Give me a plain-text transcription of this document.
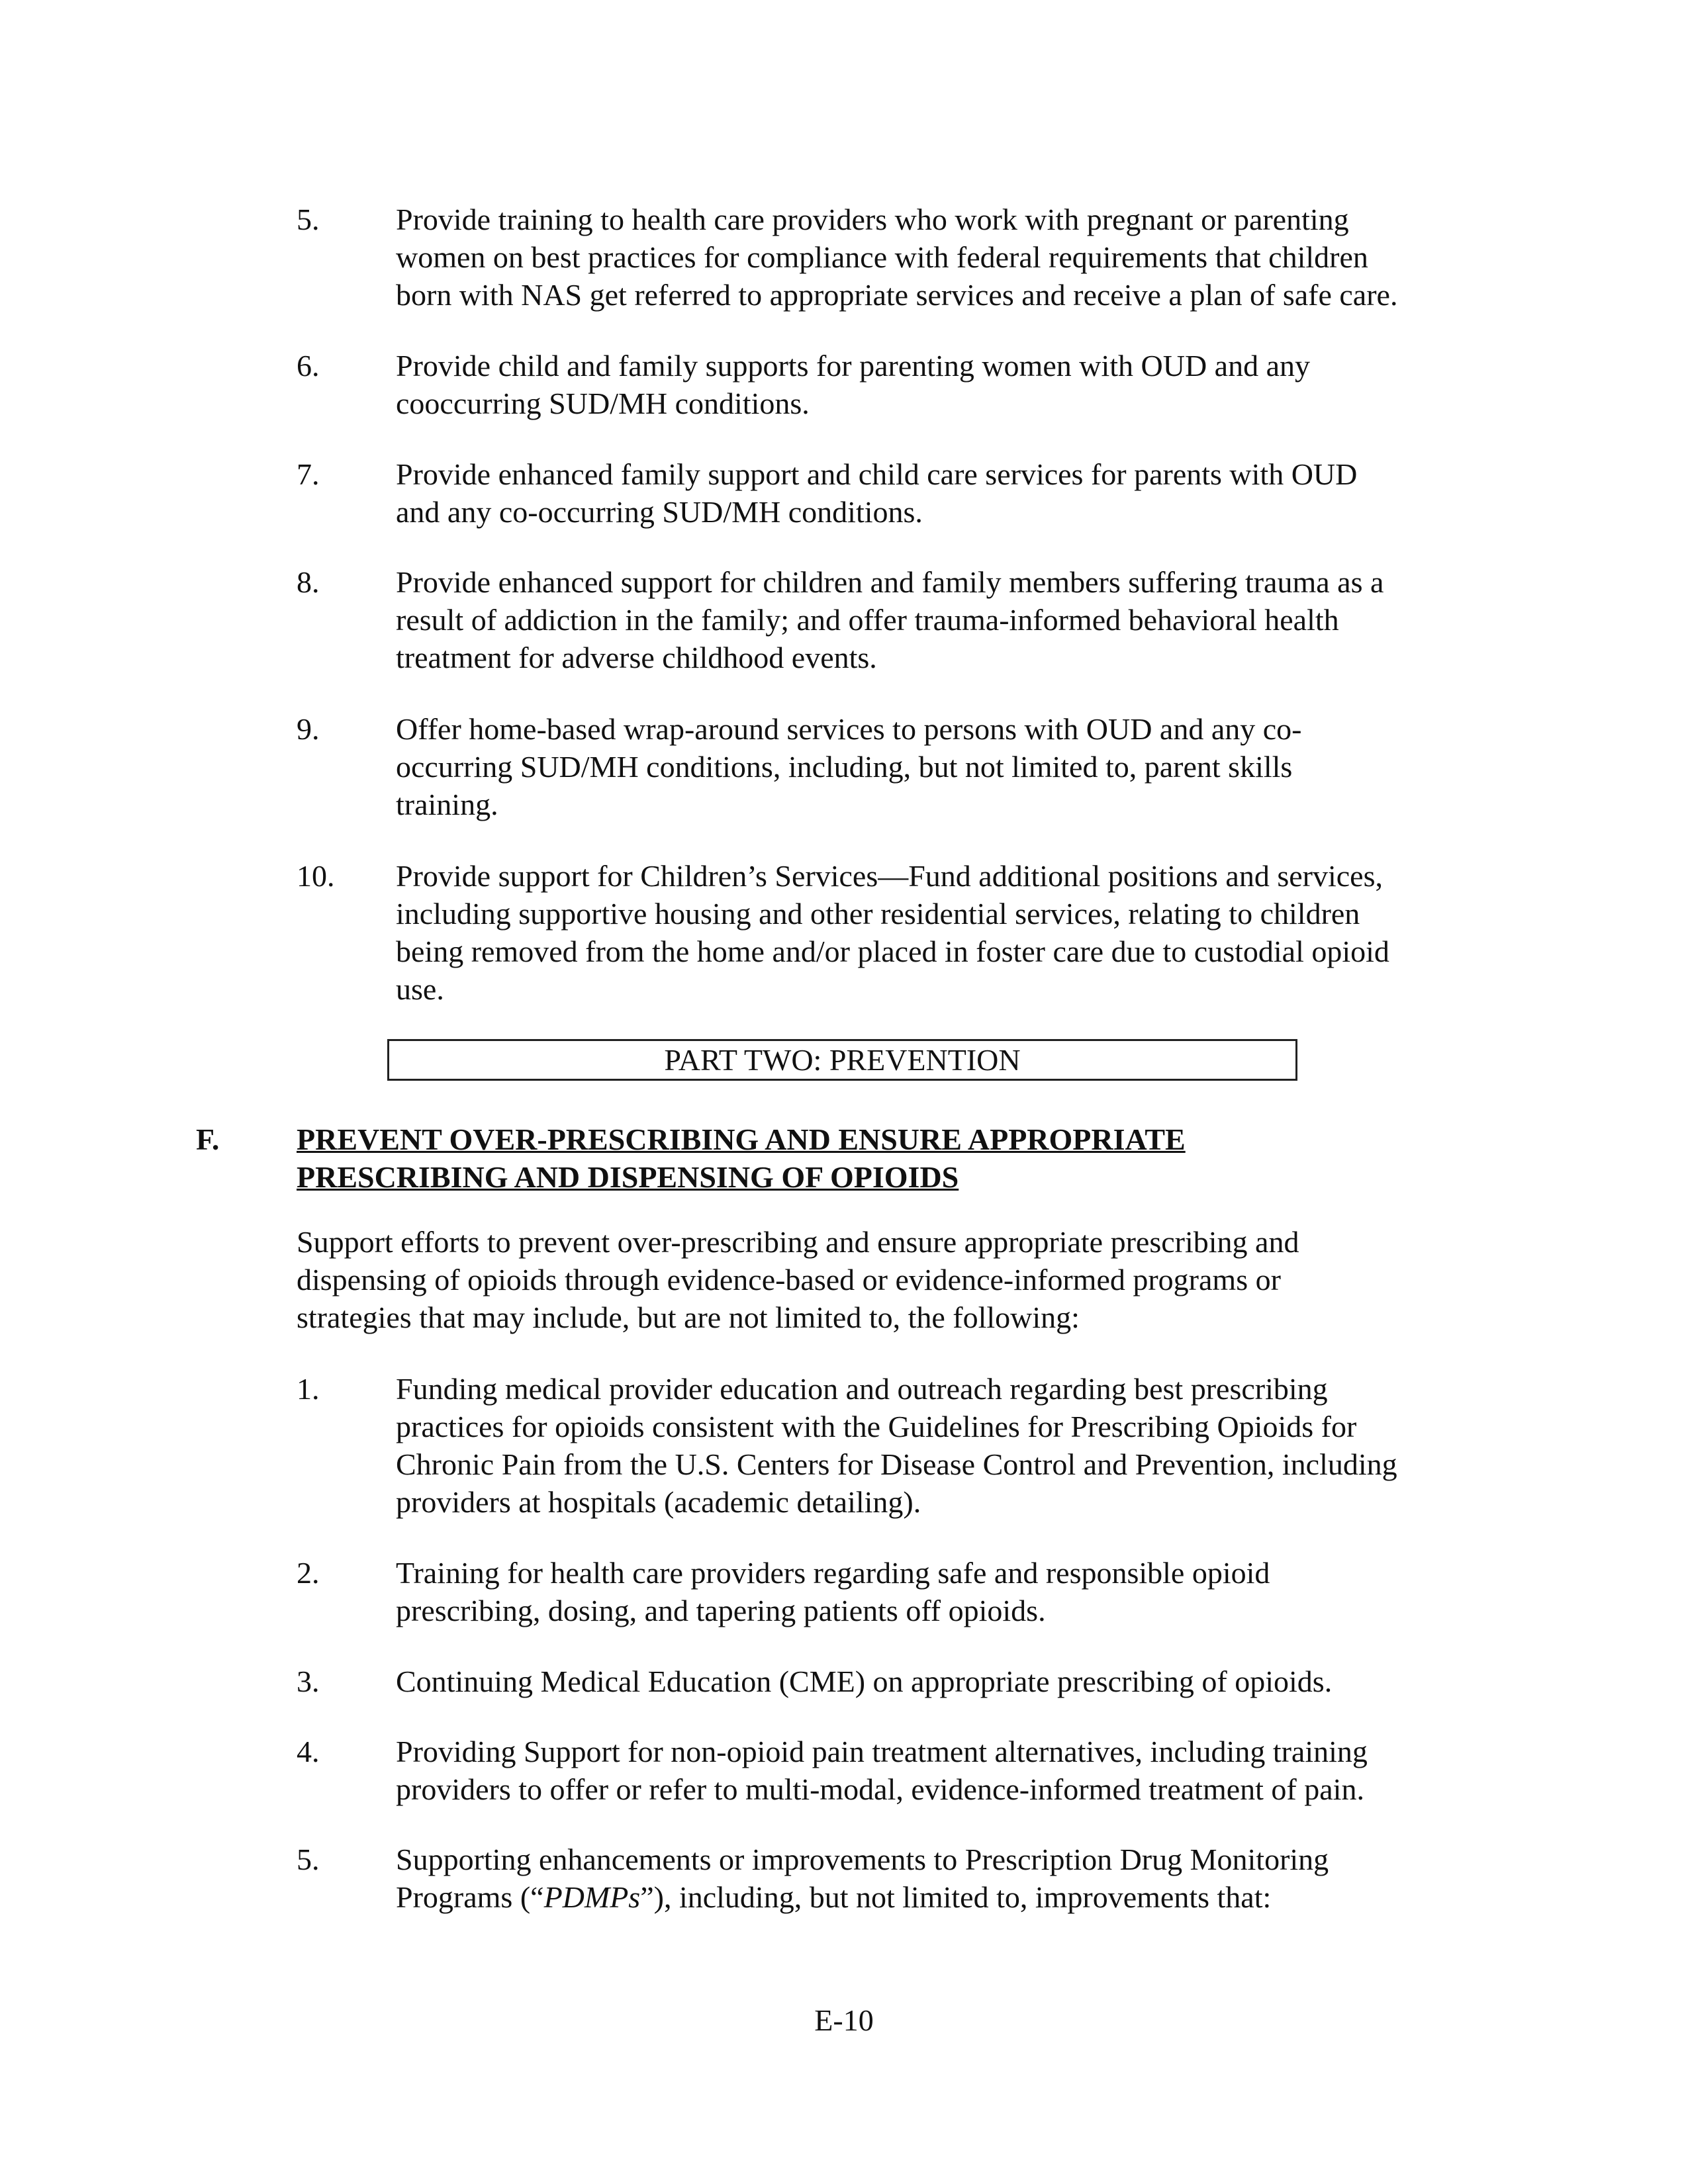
5.	Provide training to health care providers who work with pregnant or parenting
women on best practices for compliance with federal requirements that children
born with NAS get referred to appropriate services and receive a plan of safe care.
6.	Provide child and family supports for parenting women with OUD and any
cooccurring SUD/MH conditions.
7.	Provide enhanced family support and child care services for parents with OUD
and any co-occurring SUD/MH conditions.
8.	Provide enhanced support for children and family members suffering trauma as a
result of addiction in the family; and offer trauma-informed behavioral health
treatment for adverse childhood events.
9.	Offer home-based wrap-around services to persons with OUD and any co-
occurring SUD/MH conditions, including, but not limited to, parent skills
training.
10. Provide support for Children’s Services—Fund additional positions and services,
including supportive housing and other residential services, relating to children
being removed from the home and/or placed in foster care due to custodial opioid
use.
PART TWO: PREVENTION
F.	PREVENT OVER-PRESCRIBING AND ENSURE APPROPRIATE
PRESCRIBING AND DISPENSING OF OPIOIDS
Support efforts to prevent over-prescribing and ensure appropriate prescribing and
dispensing of opioids through evidence-based or evidence-informed programs or
strategies that may include, but are not limited to, the following:
1.	Funding medical provider education and outreach regarding best prescribing
practices for opioids consistent with the Guidelines for Prescribing Opioids for
Chronic Pain from the U.S. Centers for Disease Control and Prevention, including
providers at hospitals (academic detailing).
2.	Training for health care providers regarding safe and responsible opioid
prescribing, dosing, and tapering patients off opioids.
3.	Continuing Medical Education (CME) on appropriate prescribing of opioids.
4.	Providing Support for non-opioid pain treatment alternatives, including training
providers to offer or refer to multi-modal, evidence-informed treatment of pain.
5.	Supporting enhancements or improvements to Prescription Drug Monitoring
Programs (“PDMPs”), including, but not limited to, improvements that:
E-10
